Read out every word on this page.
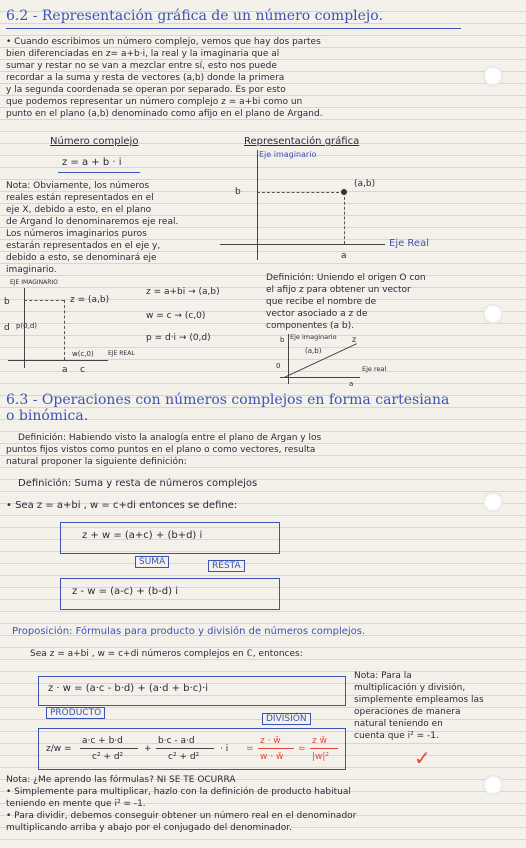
6.2 - Representación gráfica de un número complejo.
• Cuando escribimos un número complejo, vemos que hay dos partes
bien diferenciadas en z= a+b·i, la real y la imaginaria que al
sumar y restar no se van a mezclar entre sí, esto nos puede
recordar a la suma y resta de vectores (a,b) donde la primera
y la segunda coordenada se operan por separado. Es por esto
que podemos representar un número complejo z = a+bi como un
punto en el plano (a,b) denominado como afijo en el plano de Argand.
Número complejo
z = a + b · i
Representación gráfica
Eje imaginario
Eje Real
(a,b)
b
a
Nota: Obviamente, los números
reales están representados en el
eje X, debido a esto, en el plano
de Argand lo denominaremos eje real.
Los números imaginarios puros
estarán representados en el eje y,
debido a esto, se denominará eje
imaginario.
EJE IMAGINARIO
z = (a,b)
b
d p(0,d)
w(c,0) EJE REAL
a c
z = a+bi → (a,b)
w = c → (c,0)
p = d·i → (0,d)
Definición: Uniendo el origen O con
el afijo z para obtener un vector
que recibe el nombre de
vector asociado a z de
componentes (a b).
Eje imaginario z
(a,b)
Eje real
0
a
b
6.3 - Operaciones con números complejos en forma cartesiana
o binómica.
Definición: Habiendo visto la analogía entre el plano de Argan y los
puntos fijos vistos como puntos en el plano o como vectores, resulta
natural proponer la siguiente definición:
Definición: Suma y resta de números complejos
• Sea z = a+bi , w = c+di entonces se define:
z + w = (a+c) + (b+d) i
SUMA	RESTA
z - w = (a-c) + (b-d) i
Proposición: Fórmulas para producto y división de números complejos.
Sea z = a+bi , w = c+di números complejos en ℂ, entonces:
z · w = (a·c - b·d) + (a·d + b·c)·i
PRODUCTO
DIVISIÓN
z/w =
a·c + b·d
c² + d²
+
b·c - a·d
c² + d²
· i =
z · w̄
w · w̄
=
z w̄
|w|²
Nota: Para la
multiplicación y división,
simplemente empleamos las
operaciones de manera
natural teniendo en
cuenta que i² = -1.
✓
Nota: ¿Me aprendo las fórmulas? NI SE TE OCURRA
• Simplemente para multiplicar, hazlo con la definición de producto habitual
teniendo en mente que i² = -1.
• Para dividir, debemos conseguir obtener un número real en el denominador
multiplicando arriba y abajo por el conjugado del denominador.
